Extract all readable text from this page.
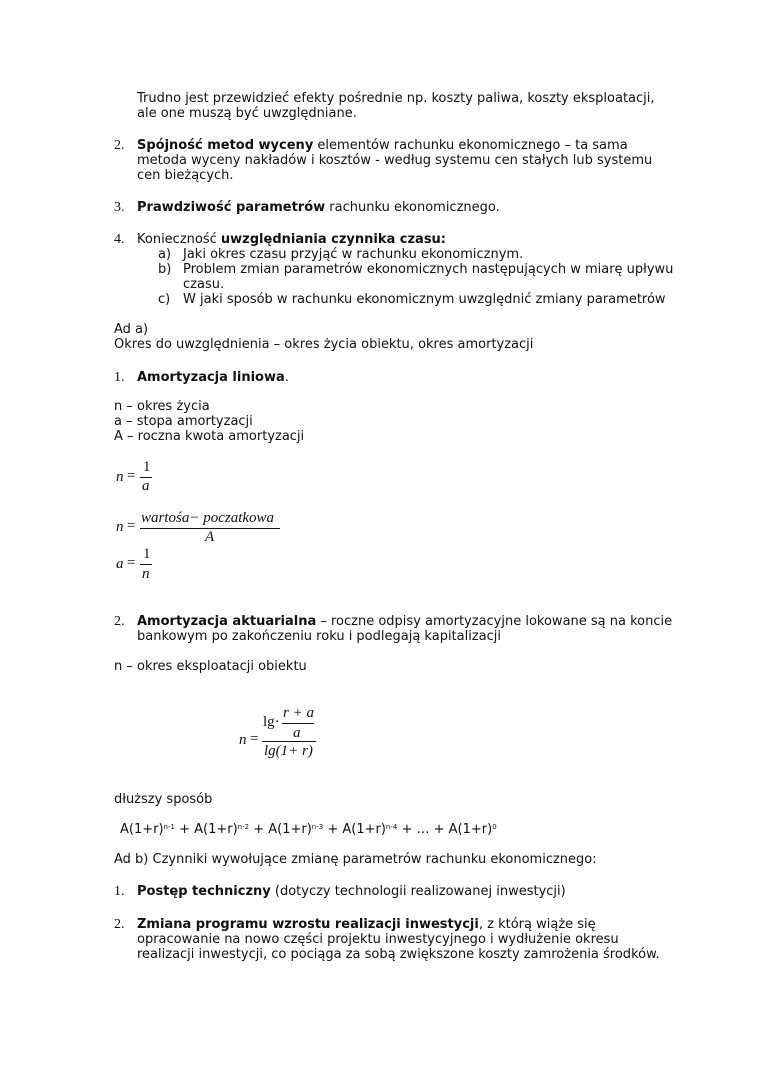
Trudno jest przewidzieć efekty pośrednie np. koszty paliwa, koszty eksploatacji,
ale one muszą być uwzględniane.
2. Spójność metod wyceny elementów rachunku ekonomicznego – ta sama
metoda wyceny nakładów i kosztów - według systemu cen stałych lub systemu
cen bieżących.
3. Prawdziwość parametrów rachunku ekonomicznego.
4. Konieczność uwzględniania czynnika czasu:
a) Jaki okres czasu przyjąć w rachunku ekonomicznym.
b) Problem zmian parametrów ekonomicznych następujących w miarę upływu
czasu.
c) W jaki sposób w rachunku ekonomicznym uwzględnić zmiany parametrów
Ad a)
Okres do uwzględnienia – okres życia obiektu, okres amortyzacji
1. Amortyzacja liniowa.
n – okres życia
a – stopa amortyzacji
A – roczna kwota amortyzacji
n =
1
a
n = wartośa− poczatkowa
A
a =
1
n
2. Amortyzacja aktuarialna – roczne odpisy amortyzacyjne lokowane są na koncie
bankowym po zakończeniu roku i podlegają kapitalizacji
n – okres eksploatacji obiektu
n =
lg·
r + a
a
lg(1+ r)
dłuższy sposób
$A(1+r)^{n-1} + A(1+r)^{n-2} + A(1+r)^{n-3} + A(1+r)^{n-4}$ + … + $A(1+r)^0$
Ad b) Czynniki wywołujące zmianę parametrów rachunku ekonomicznego:
1. Postęp techniczny (dotyczy technologii realizowanej inwestycji)
2. Zmiana programu wzrostu realizacji inwestycji, z którą wiąże się
opracowanie na nowo części projektu inwestycyjnego i wydłużenie okresu
realizacji inwestycji, co pociąga za sobą zwiększone koszty zamrożenia środków.
